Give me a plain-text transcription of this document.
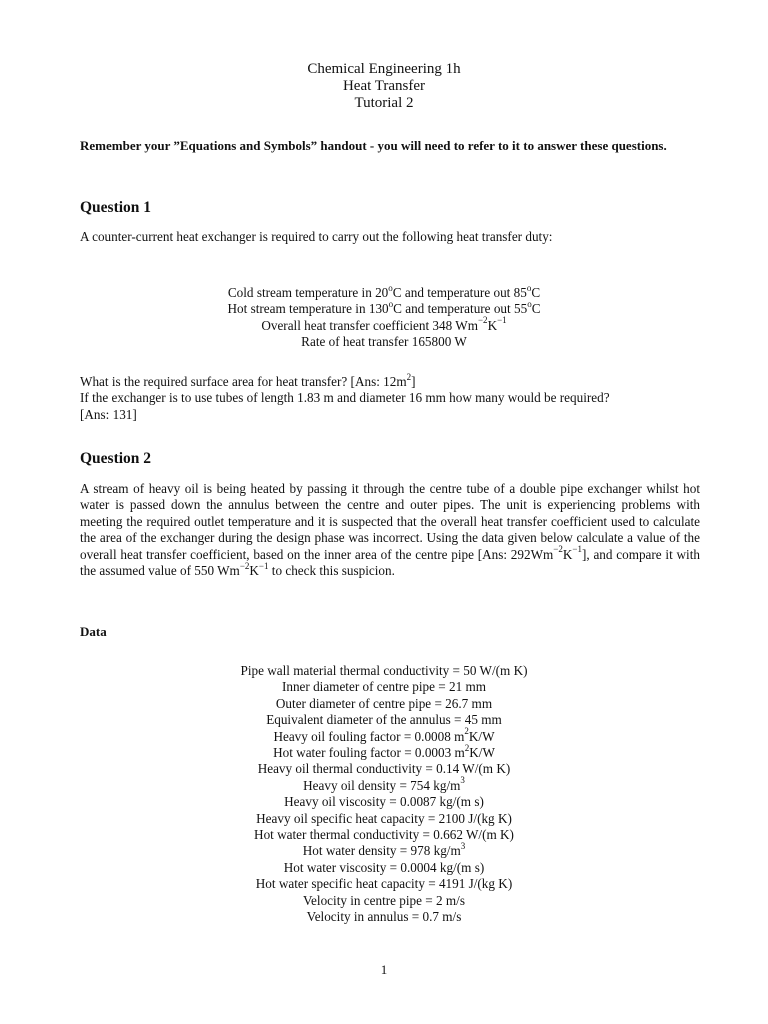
Chemical Engineering 1h
Heat Transfer
Tutorial 2
Remember your ”Equations and Symbols” handout - you will need to refer to it to answer these questions.
Question 1
A counter-current heat exchanger is required to carry out the following heat transfer duty:
Cold stream temperature in 20$^o$C and temperature out 85$^o$C
Hot stream temperature in 130$^o$C and temperature out 55$^o$C
Overall heat transfer coefficient 348 $Wm^{-2}K^{-1}$
Rate of heat transfer 165800 W
What is the required surface area for heat transfer? [Ans: $12m^2$]
If the exchanger is to use tubes of length 1.83 m and diameter 16 mm how many would be required?
[Ans: 131]
Question 2
A stream of heavy oil is being heated by passing it through the centre tube of a double pipe exchanger whilst hot water is passed down the annulus between the centre and outer pipes. The unit is experiencing problems with meeting the required outlet temperature and it is suspected that the overall heat transfer coefficient used to calculate the area of the exchanger during the design phase was incorrect. Using the data given below calculate a value of the overall heat transfer coefficient, based on the inner area of the centre pipe [Ans: $292Wm^{-2}K^{-1}$], and compare it with the assumed value of 550 $Wm^{-2}K^{-1}$ to check this suspicion.
Data
Pipe wall material thermal conductivity = 50 W/(m K)
Inner diameter of centre pipe = 21 mm
Outer diameter of centre pipe = 26.7 mm
Equivalent diameter of the annulus = 45 mm
Heavy oil fouling factor = 0.0008 $m^2K/W$
Hot water fouling factor = 0.0003 $m^2K/W$
Heavy oil thermal conductivity = 0.14 W/(m K)
Heavy oil density = 754 $kg/m^3$
Heavy oil viscosity = 0.0087 kg/(m s)
Heavy oil specific heat capacity = 2100 J/(kg K)
Hot water thermal conductivity = 0.662 W/(m K)
Hot water density = 978 $kg/m^3$
Hot water viscosity = 0.0004 kg/(m s)
Hot water specific heat capacity = 4191 J/(kg K)
Velocity in centre pipe = 2 m/s
Velocity in annulus = 0.7 m/s
1
